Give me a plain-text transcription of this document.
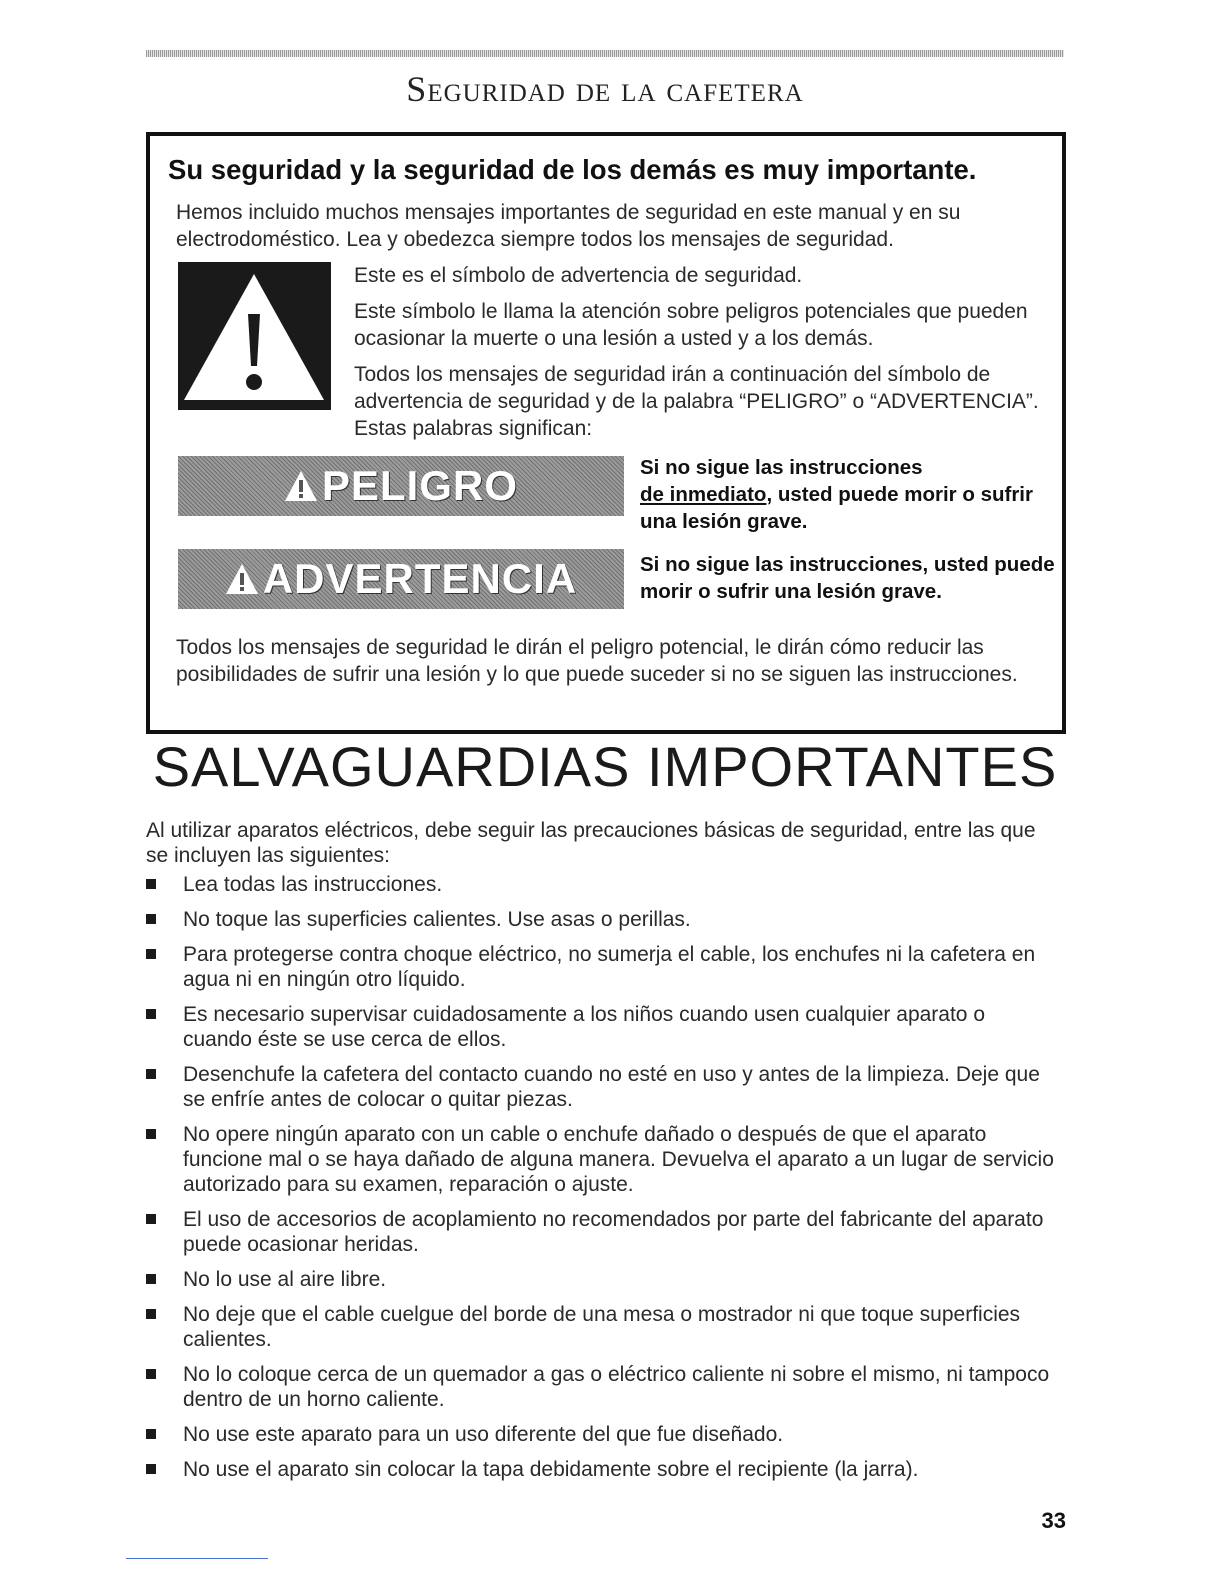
Seguridad de la cafetera
Su seguridad y la seguridad de los demás es muy importante.

Hemos incluido muchos mensajes importantes de seguridad en este manual y en su electrodoméstico. Lea y obedezca siempre todos los mensajes de seguridad.

Este es el símbolo de advertencia de seguridad.
Este símbolo le llama la atención sobre peligros potenciales que pueden ocasionar la muerte o una lesión a usted y a los demás.
Todos los mensajes de seguridad irán a continuación del símbolo de advertencia de seguridad y de la palabra “PELIGRO” o “ADVERTENCIA”. Estas palabras significan:
PELIGRO	Si no sigue las instrucciones
de inmediato, usted puede morir o sufrir una lesión grave.

ADVERTENCIA	Si no sigue las instrucciones, usted puede morir o sufrir una lesión grave.

Todos los mensajes de seguridad le dirán el peligro potencial, le dirán cómo reducir las posibilidades de sufrir una lesión y lo que puede suceder si no se siguen las instrucciones.

SALVAGUARDIAS IMPORTANTES

Al utilizar aparatos eléctricos, debe seguir las precauciones básicas de seguridad, entre las que se incluyen las siguientes:

Lea todas las instrucciones.
No toque las superficies calientes. Use asas o perillas.
Para protegerse contra choque eléctrico, no sumerja el cable, los enchufes ni la cafetera en agua ni en ningún otro líquido.
Es necesario supervisar cuidadosamente a los niños cuando usen cualquier aparato o cuando éste se use cerca de ellos.
Desenchufe la cafetera del contacto cuando no esté en uso y antes de la limpieza. Deje que se enfríe antes de colocar o quitar piezas.
No opere ningún aparato con un cable o enchufe dañado o después de que el aparato funcione mal o se haya dañado de alguna manera. Devuelva el aparato a un lugar de servicio autorizado para su examen, reparación o ajuste.
El uso de accesorios de acoplamiento no recomendados por parte del fabricante del aparato puede ocasionar heridas.
No lo use al aire libre.
No deje que el cable cuelgue del borde de una mesa o mostrador ni que toque superficies calientes.
No lo coloque cerca de un quemador a gas o eléctrico caliente ni sobre el mismo, ni tampoco dentro de un horno caliente.
No use este aparato para un uso diferente del que fue diseñado.
No use el aparato sin colocar la tapa debidamente sobre el recipiente (la jarra).
33
